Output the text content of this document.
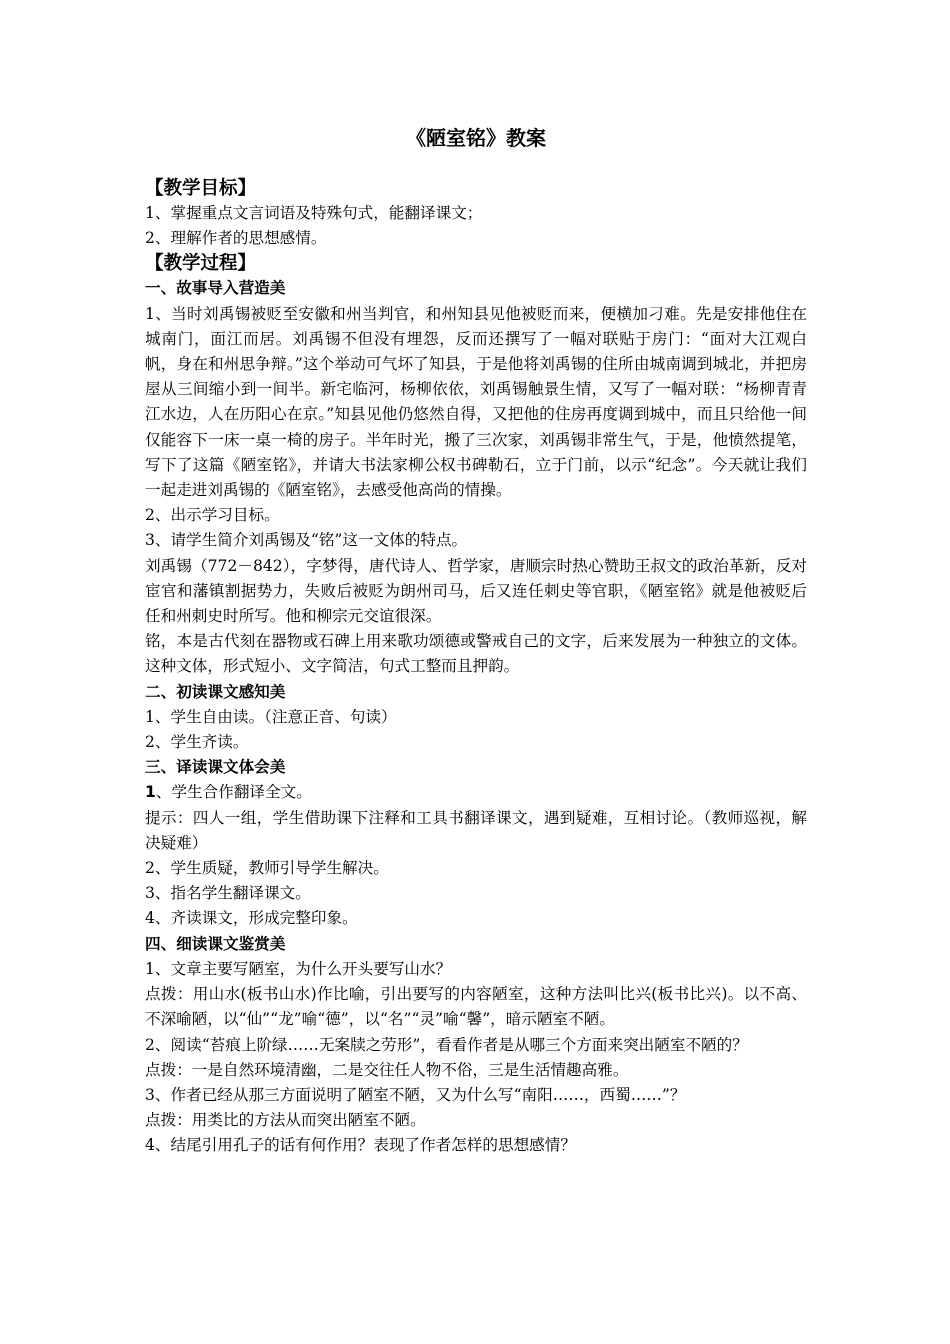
《陋室铭》教案

【教学目标】

1、掌握重点文言词语及特殊句式，能翻译课文；

2、理解作者的思想感情。

【教学过程】

一、故事导入营造美

1、当时刘禹锡被贬至安徽和州当判官，和州知县见他被贬而来，便横加刁难。先是安排他住在城南门，面江而居。刘禹锡不但没有埋怨，反而还撰写了一幅对联贴于房门：“面对大江观白帆，身在和州思争辩。”这个举动可气坏了知县，于是他将刘禹锡的住所由城南调到城北，并把房屋从三间缩小到一间半。新宅临河，杨柳依依，刘禹锡触景生情，又写了一幅对联：“杨柳青青江水边，人在历阳心在京。”知县见他仍悠然自得，又把他的住房再度调到城中，而且只给他一间仅能容下一床一桌一椅的房子。半年时光，搬了三次家，刘禹锡非常生气，于是，他愤然提笔，写下了这篇《陋室铭》，并请大书法家柳公权书碑勒石，立于门前，以示“纪念”。今天就让我们一起走进刘禹锡的《陋室铭》，去感受他高尚的情操。

2、出示学习目标。

3、请学生简介刘禹锡及“铭”这一文体的特点。

刘禹锡（772－842），字梦得，唐代诗人、哲学家，唐顺宗时热心赞助王叔文的政治革新，反对宦官和藩镇割据势力，失败后被贬为朗州司马，后又连任刺史等官职，《陋室铭》就是他被贬后任和州刺史时所写。他和柳宗元交谊很深。

铭，本是古代刻在器物或石碑上用来歌功颂德或警戒自己的文字，后来发展为一种独立的文体。这种文体，形式短小、文字简洁，句式工整而且押韵。

二、初读课文感知美

1、学生自由读。（注意正音、句读）

2、学生齐读。

三、译读课文体会美

1、学生合作翻译全文。

提示：四人一组，学生借助课下注释和工具书翻译课文，遇到疑难，互相讨论。（教师巡视，解决疑难）

2、学生质疑，教师引导学生解决。

3、指名学生翻译课文。

4、齐读课文，形成完整印象。

四、细读课文鉴赏美

1、文章主要写陋室，为什么开头要写山水？

点拨：用山水(板书山水)作比喻，引出要写的内容陋室，这种方法叫比兴(板书比兴)。以不高、不深喻陋，以“仙”“龙”喻“德”，以“名”“灵”喻“馨”，暗示陋室不陋。

2、阅读“苔痕上阶绿……无案牍之劳形”，看看作者是从哪三个方面来突出陋室不陋的？

点拨：一是自然环境清幽，二是交往任人物不俗，三是生活情趣高雅。

3、作者已经从那三方面说明了陋室不陋，又为什么写“南阳……，西蜀……”？

点拨：用类比的方法从而突出陋室不陋。

4、结尾引用孔子的话有何作用？表现了作者怎样的思想感情？
